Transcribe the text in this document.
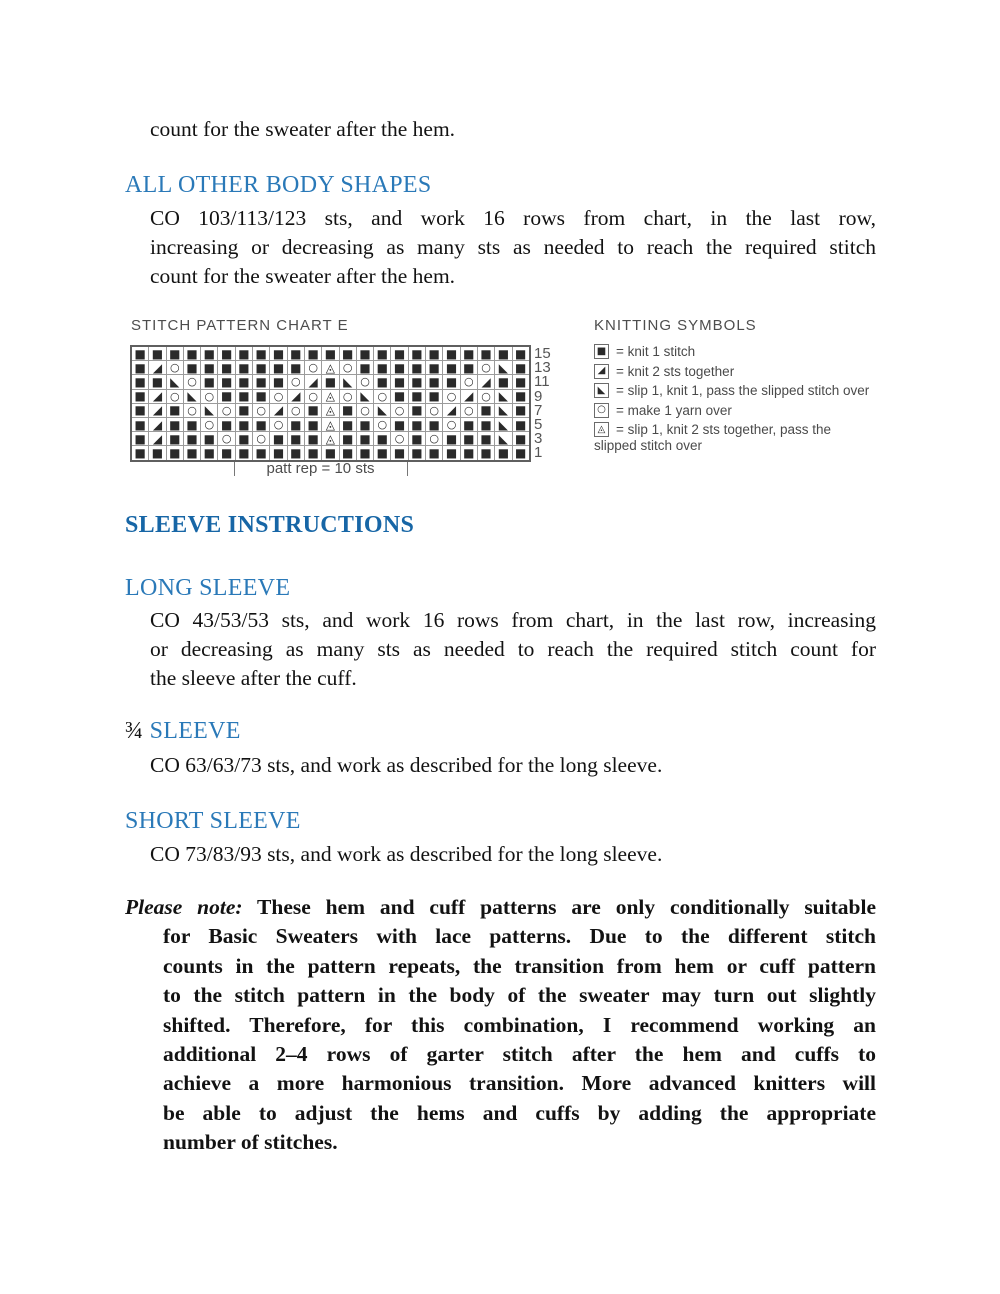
count for the sweater after the hem.
ALL OTHER BODY SHAPES
CO 103/113/123 sts, and work 16 rows from chart, in the last row,
increasing or decreasing as many sts as needed to reach the required stitch
count for the sweater after the hem.
STITCH PATTERN CHART E
■ ■ ■ ■ ■ ■ ■ ■ ■ ■ ■ ■ ■ ■ ■ ■ ■ ■ ■ ■ ■ ■ ■
■ ◢ ○ ■ ■ ■ ■ ■ ■ ■ ○ ◬ ○ ■ ■ ■ ■ ■ ■ ■ ○ ◣ ■
■ ■ ◣ ○ ■ ■ ■ ■ ■ ○ ◢ ■ ◣ ○ ■ ■ ■ ■ ■ ○ ◢ ■ ■
■ ◢ ○ ◣ ○ ■ ■ ■ ○ ◢ ○ ◬ ○ ◣ ○ ■ ■ ■ ○ ◢ ○ ◣ ■
■ ◢ ■ ○ ◣ ○ ■ ○ ◢ ○ ■ ◬ ■ ○ ◣ ○ ■ ○ ◢ ○ ■ ◣ ■
■ ◢ ■ ■ ○ ■ ■ ■ ○ ■ ■ ◬ ■ ■ ○ ■ ■ ■ ○ ■ ■ ◣ ■
■ ◢ ■ ■ ■ ○ ■ ○ ■ ■ ■ ◬ ■ ■ ■ ○ ■ ○ ■ ■ ■ ◣ ■
■ ■ ■ ■ ■ ■ ■ ■ ■ ■ ■ ■ ■ ■ ■ ■ ■ ■ ■ ■ ■ ■ ■
15
13
11
9
7
5
3
1
patt rep = 10 sts
KNITTING SYMBOLS
■ = knit 1 stitch
◢ = knit 2 sts together
◣ = slip 1, knit 1, pass the slipped stitch over
○ = make 1 yarn over
◬ = slip 1, knit 2 sts together, pass the
slipped stitch over
SLEEVE INSTRUCTIONS
LONG SLEEVE
CO 43/53/53 sts, and work 16 rows from chart, in the last row, increasing
or decreasing as many sts as needed to reach the required stitch count for
the sleeve after the cuff.
¾ SLEEVE
CO 63/63/73 sts, and work as described for the long sleeve.
SHORT SLEEVE
CO 73/83/93 sts, and work as described for the long sleeve.
Please note: These hem and cuff patterns are only conditionally suitable
for Basic Sweaters with lace patterns. Due to the different stitch
counts in the pattern repeats, the transition from hem or cuff pattern
to the stitch pattern in the body of the sweater may turn out slightly
shifted. Therefore, for this combination, I recommend working an
additional 2–4 rows of garter stitch after the hem and cuffs to
achieve a more harmonious transition. More advanced knitters will
be able to adjust the hems and cuffs by adding the appropriate
number of stitches.
